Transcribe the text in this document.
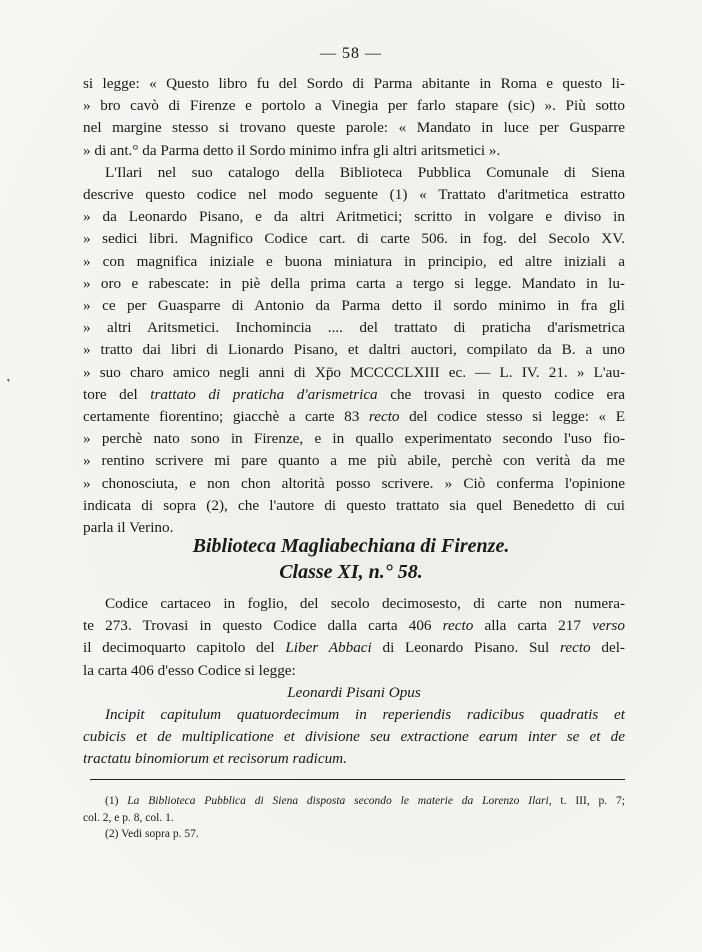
‚
— 58 —
si legge: « Questo libro fu del Sordo di Parma abitante in Roma e questo li-
» bro cavò di Firenze e portolo a Vinegia per farlo stapare (sic) ». Più sotto
nel margine stesso si trovano queste parole: « Mandato in luce per Gusparre
» di ant.° da Parma detto il Sordo minimo infra gli altri aritsmetici ».
L'Ilari nel suo catalogo della Biblioteca Pubblica Comunale di Siena
descrive questo codice nel modo seguente (1) « Trattato d'aritmetica estratto
» da Leonardo Pisano, e da altri Aritmetici; scritto in volgare e diviso in
» sedici libri. Magnifico Codice cart. di carte 506. in fog. del Secolo XV.
» con magnifica iniziale e buona miniatura in principio, ed altre iniziali a
» oro e rabescate: in piè della prima carta a tergo si legge. Mandato in lu-
» ce per Guasparre di Antonio da Parma detto il sordo minimo in fra gli
» altri Aritsmetici. Inchomincia .... del trattato di praticha d'arismetrica
» tratto dai libri di Lionardo Pisano, et daltri auctori, compilato da B. a uno
» suo charo amico negli anni di Xp̄o MCCCCLXIII ec. — L. IV. 21. » L'au-
tore del trattato di praticha d'arismetrica che trovasi in questo codice era
certamente fiorentino; giacchè a carte 83 recto del codice stesso si legge: « E
» perchè nato sono in Firenze, e in quallo experimentato secondo l'uso fio-
» rentino scrivere mi pare quanto a me più abile, perchè con verità da me
» chonosciuta, e non chon altorità posso scrivere. » Ciò conferma l'opinione
indicata di sopra (2), che l'autore di questo trattato sia quel Benedetto di cui
parla il Verino.
Biblioteca Magliabechiana di Firenze.
Classe XI, n.° 58.
Codice cartaceo in foglio, del secolo decimosesto, di carte non numera-
te 273. Trovasi in questo Codice dalla carta 406 recto alla carta 217 verso
il decimoquarto capitolo del Liber Abbaci di Leonardo Pisano. Sul recto del-
la carta 406 d'esso Codice si legge:
Leonardi Pisani Opus
Incipit capitulum quatuordecimum in reperiendis radicibus quadratis et
cubicis et de multiplicatione et divisione seu extractione earum inter se et de
tractatu binomiorum et recisorum radicum.
(1) La Biblioteca Pubblica di Siena disposta secondo le materie da Lorenzo Ilari, t. III, p. 7;
col. 2, e p. 8, col. 1.
(2) Vedi sopra p. 57.
